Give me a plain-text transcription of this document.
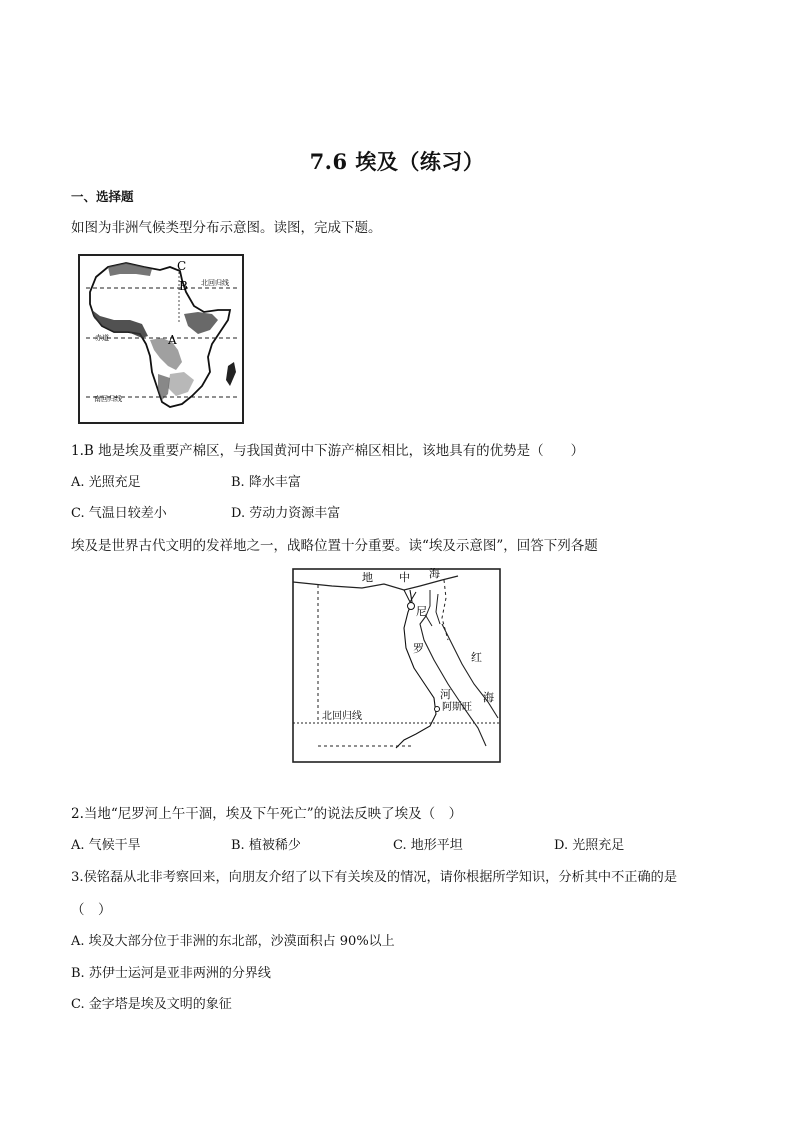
7.6 埃及（练习）
一、选择题
如图为非洲气候类型分布示意图。读图，完成下题。
C
B
A
北回归线
赤道
南回归线
1.B 地是埃及重要产棉区，与我国黄河中下游产棉区相比，该地具有的优势是（　　）
A. 光照充足	B. 降水丰富
C. 气温日较差小	D. 劳动力资源丰富
埃及是世界古代文明的发祥地之一，战略位置十分重要。读“埃及示意图”，回答下列各题
地 中 海
尼
罗
河
红
海
阿斯旺
北回归线
2.当地“尼罗河上午干涸，埃及下午死亡”的说法反映了埃及（　）
A. 气候干旱	B. 植被稀少	C. 地形平坦	D. 光照充足
3.侯铭磊从北非考察回来，向朋友介绍了以下有关埃及的情况，请你根据所学知识，分析其中不正确的是
（　）
A. 埃及大部分位于非洲的东北部，沙漠面积占 90%以上
B. 苏伊士运河是亚非两洲的分界线
C. 金字塔是埃及文明的象征
